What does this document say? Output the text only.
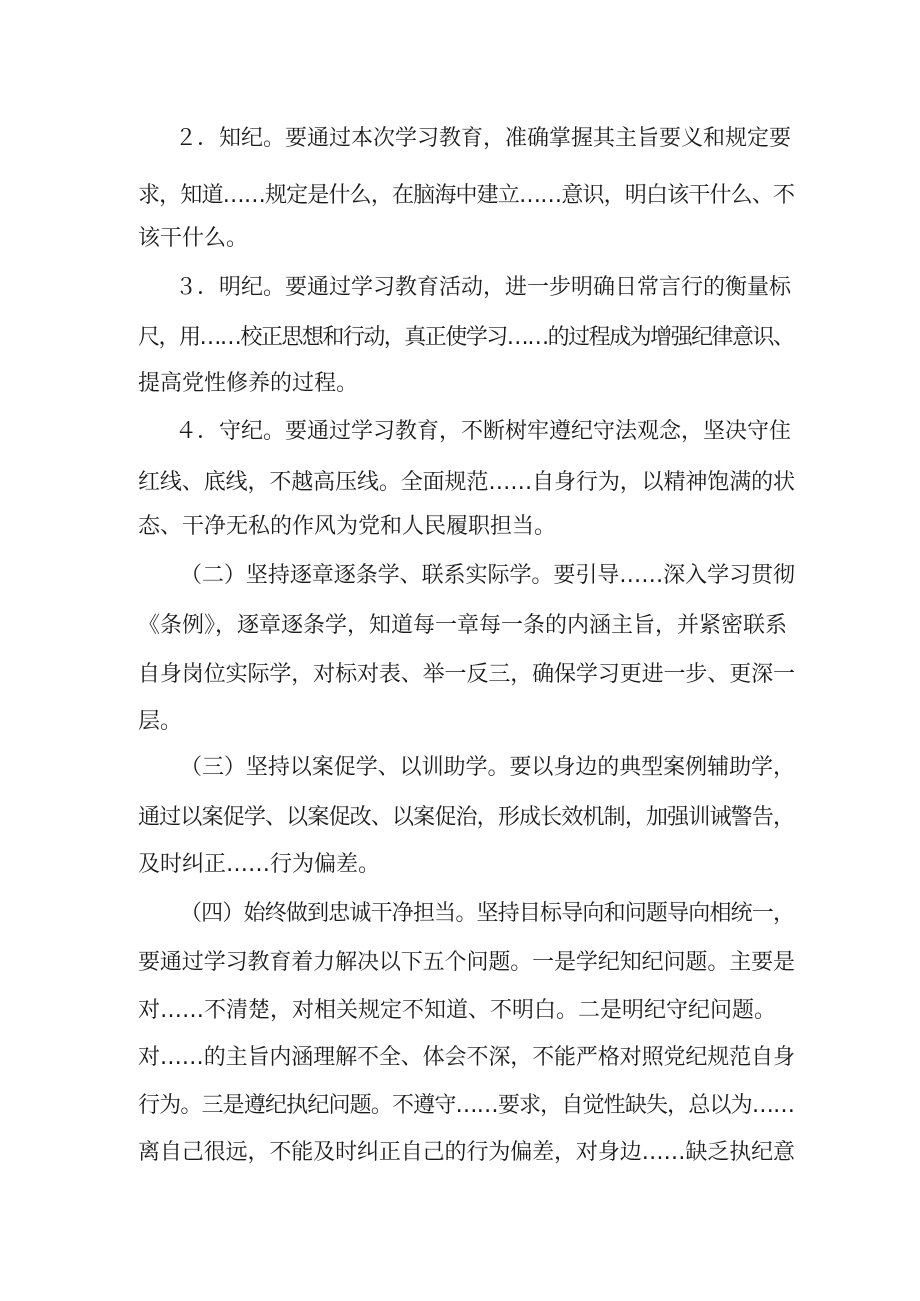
２．知纪。要通过本次学习教育，准确掌握其主旨要义和规定要
求，知道……规定是什么，在脑海中建立……意识，明白该干什么、不
该干什么。
３．明纪。要通过学习教育活动，进一步明确日常言行的衡量标
尺，用……校正思想和行动，真正使学习……的过程成为增强纪律意识、
提高党性修养的过程。
４．守纪。要通过学习教育，不断树牢遵纪守法观念，坚决守住
红线、底线，不越高压线。全面规范……自身行为，以精神饱满的状
态、干净无私的作风为党和人民履职担当。
（二）坚持逐章逐条学、联系实际学。要引导……深入学习贯彻
《条例》，逐章逐条学，知道每一章每一条的内涵主旨，并紧密联系
自身岗位实际学，对标对表、举一反三，确保学习更进一步、更深一
层。
（三）坚持以案促学、以训助学。要以身边的典型案例辅助学，
通过以案促学、以案促改、以案促治，形成长效机制，加强训诫警告，
及时纠正……行为偏差。
（四）始终做到忠诚干净担当。坚持目标导向和问题导向相统一，
要通过学习教育着力解决以下五个问题。一是学纪知纪问题。主要是
对……不清楚，对相关规定不知道、不明白。二是明纪守纪问题。
对……的主旨内涵理解不全、体会不深，不能严格对照党纪规范自身
行为。三是遵纪执纪问题。不遵守……要求，自觉性缺失，总以为……
离自己很远，不能及时纠正自己的行为偏差，对身边……缺乏执纪意
